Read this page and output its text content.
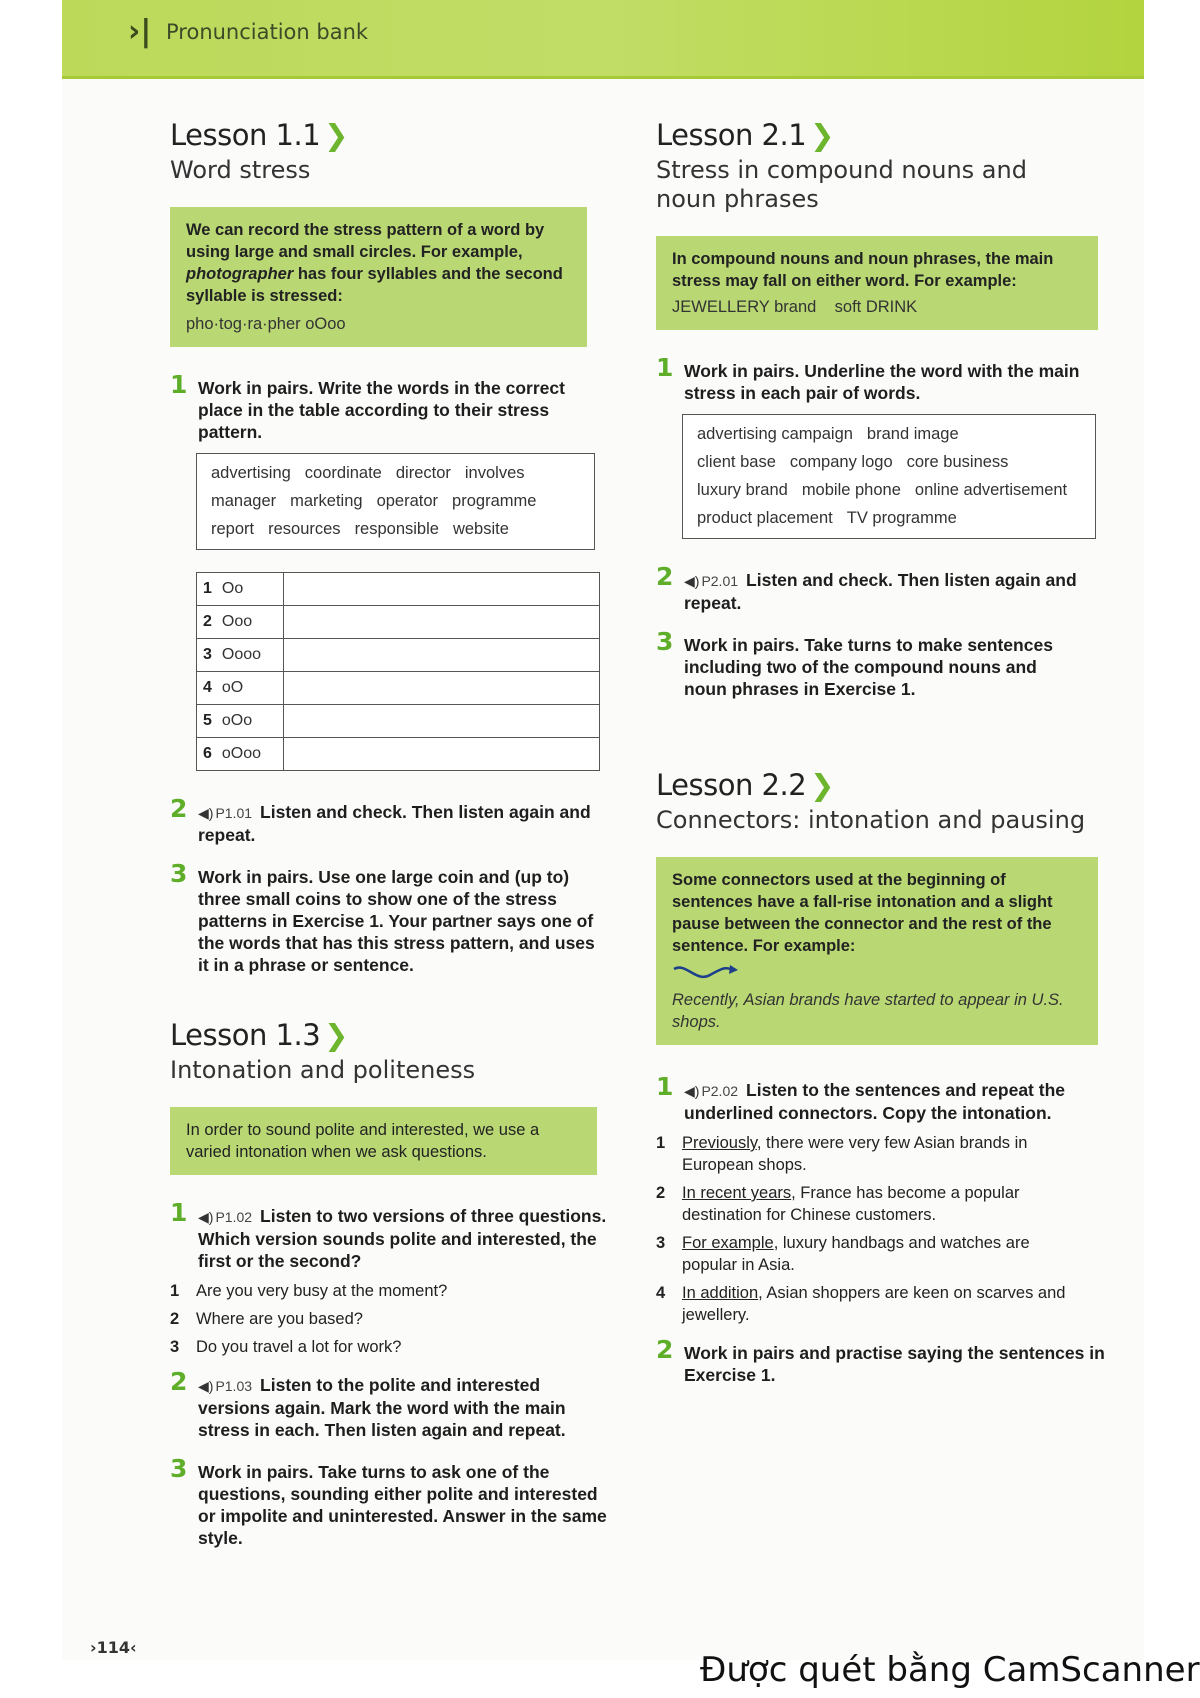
›| Pronunciation bank
Lesson 1.1 ❯
Word stress
We can record the stress pattern of a word by using large and small circles. For example, photographer has four syllables and the second syllable is stressed:
pho·tog·ra·pher oOoo
1 Work in pairs. Write the words in the correct place in the table according to their stress pattern.
advertising coordinate director involves
manager marketing operator programme
report resources responsible website
1 Oo	
2 Ooo	
3 Oooo	
4 oO	
5 oOo	
6 oOoo	
2 ◀) P1.01 Listen and check. Then listen again and repeat.
3 Work in pairs. Use one large coin and (up to) three small coins to show one of the stress patterns in Exercise 1. Your partner says one of the words that has this stress pattern, and uses it in a phrase or sentence.
Lesson 1.3 ❯
Intonation and politeness
In order to sound polite and interested, we use a varied intonation when we ask questions.
1 ◀) P1.02 Listen to two versions of three questions. Which version sounds polite and interested, the first or the second?
1 Are you very busy at the moment?
2 Where are you based?
3 Do you travel a lot for work?
2 ◀) P1.03 Listen to the polite and interested versions again. Mark the word with the main stress in each. Then listen again and repeat.
3 Work in pairs. Take turns to ask one of the questions, sounding either polite and interested or impolite and uninterested. Answer in the same style.
Lesson 2.1 ❯
Stress in compound nouns and noun phrases
In compound nouns and noun phrases, the main stress may fall on either word. For example:
JEWELLERY brand soft DRINK
1 Work in pairs. Underline the word with the main stress in each pair of words.
advertising campaign brand image
client base company logo core business
luxury brand mobile phone online advertisement
product placement TV programme
2 ◀) P2.01 Listen and check. Then listen again and repeat.
3 Work in pairs. Take turns to make sentences including two of the compound nouns and noun phrases in Exercise 1.
Lesson 2.2 ❯
Connectors: intonation and pausing
Some connectors used at the beginning of sentences have a fall-rise intonation and a slight pause between the connector and the rest of the sentence. For example:
Recently, Asian brands have started to appear in U.S. shops.
1 ◀) P2.02 Listen to the sentences and repeat the underlined connectors. Copy the intonation.
1 Previously, there were very few Asian brands in European shops.
2 In recent years, France has become a popular destination for Chinese customers.
3 For example, luxury handbags and watches are popular in Asia.
4 In addition, Asian shoppers are keen on scarves and jewellery.
2 Work in pairs and practise saying the sentences in Exercise 1.
›114‹
Được quét bằng CamScanner
